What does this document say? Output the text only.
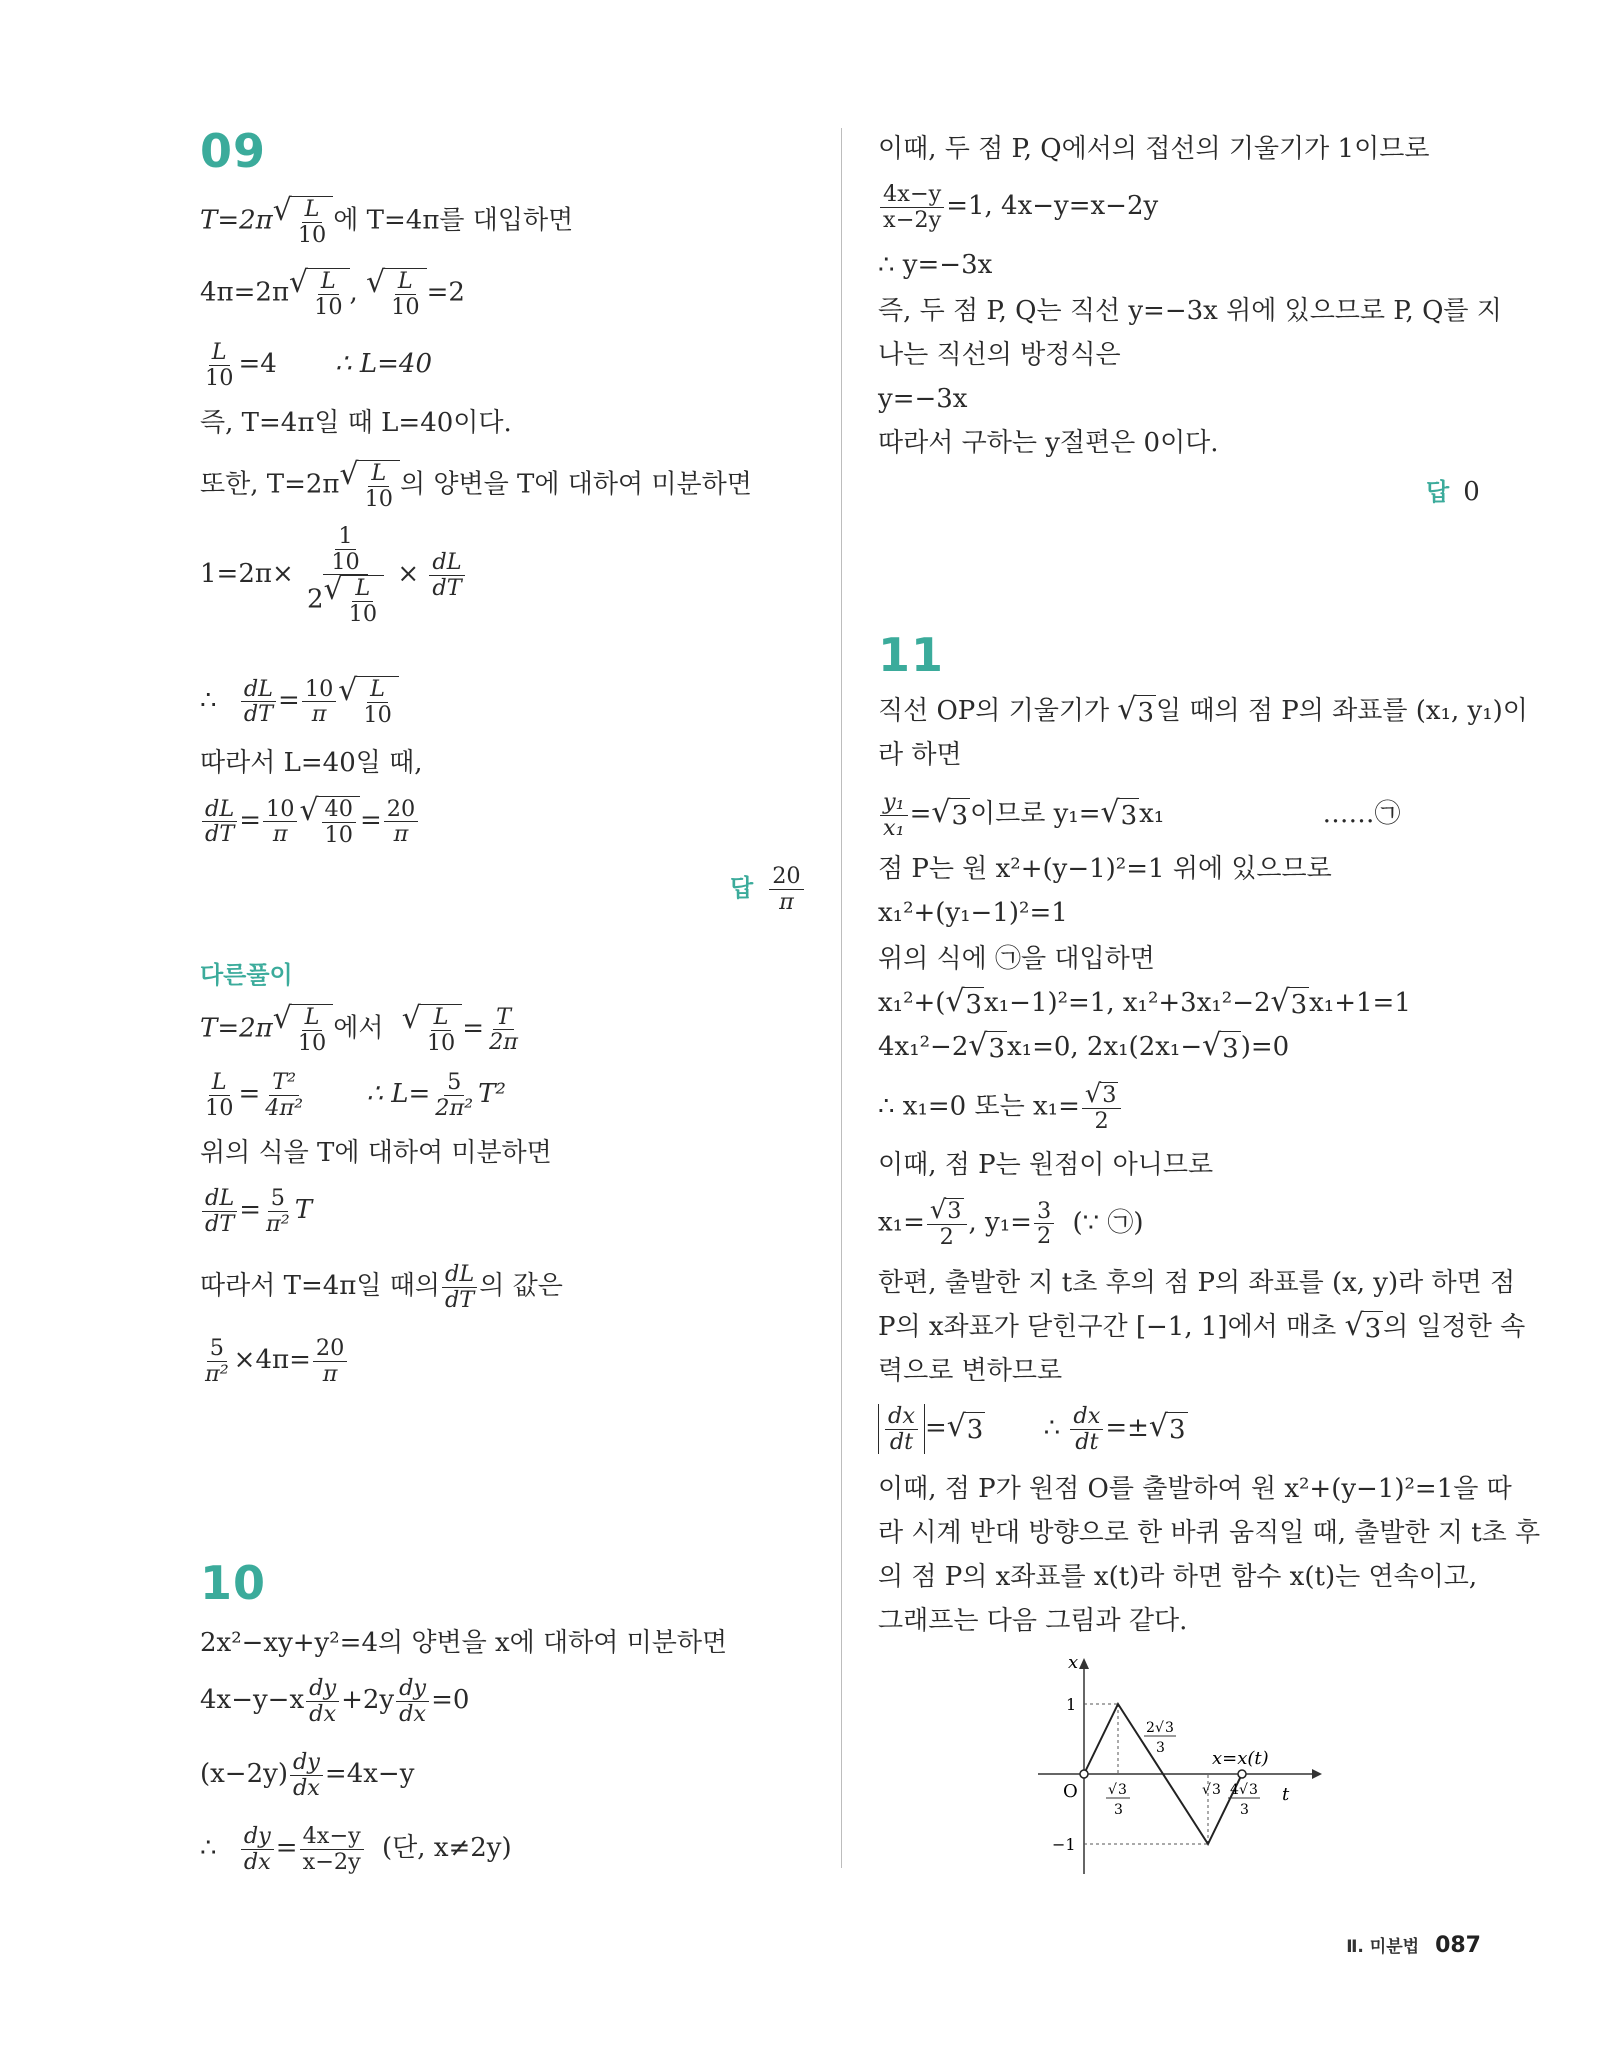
09
T=2π √ $\frac{L}{10}$ 에 T=4π를 대입하면
4π=2π √ $\frac{L}{10}$ , √ $\frac{L}{10} =2$
$\frac{L}{10} =4$ ∴ L=40
즉, T=4π일 때 L=40이다.
또한, T=2π √ $\frac{L}{10}$ 의 양변을 T에 대하여 미분하면
$1=2\pi\times \frac{\frac{1}{10}}{2 √ \frac{L}{10}} \times \frac{dL}{dT}$
∴ $\frac{dL}{dT} = \frac{10}{\pi}$ √ $\frac{L}{10}$
따라서 L=40일 때,
$\frac{dL}{dT} = \frac{10}{\pi}$ √ $\frac{40}{10} = \frac{20}{\pi}$
답 $\frac{20}{\pi}$
다른풀이
T=2π √ $\frac{L}{10}$ 에서 √ $\frac{L}{10} = \frac{T}{2\pi}$
$\frac{L}{10} = \frac{\text{T²}}{\text{4π²}}$ ∴ $L= \frac{5}{\text{2π²}} T^2$
위의 식을 T에 대하여 미분하면
$\frac{dL}{dT} = \frac{5}{\text{π²}}$ T
따라서 T=4π일 때의 $\frac{dL}{dT}$ 의 값은
$\frac{5}{\text{π²}} \times 4\pi= \frac{20}{\pi}$
10
2x²−xy+y²=4의 양변을 x에 대하여 미분하면
$4x-y-x \frac{dy}{dx} +2y \frac{dy}{dx} =0$
$(x-2y) \frac{dy}{dx} =4x-y$
∴ $\frac{dy}{dx} = \frac{4x-y}{x-2y}$ (단, x≠2y)
이때, 두 점 P, Q에서의 접선의 기울기가 1이므로
$\frac{4x-y}{x-2y} =1$, 4x−y=x−2y
∴ y=−3x
즉, 두 점 P, Q는 직선 y=−3x 위에 있으므로 P, Q를 지
나는 직선의 방정식은
y=−3x
따라서 구하는 y절편은 0이다.
답 0
11
직선 OP의 기울기가 √ 3 일 때의 점 P의 좌표를 (x₁, y₁)이
라 하면
$\frac{\text{y₁}}{\text{x₁}}$ = √ 3 이므로 y₁= √ 3 x₁	……㉠
점 P는 원 x²+(y−1)²=1 위에 있으므로
x₁²+(y₁−1)²=1
위의 식에 ㉠을 대입하면
x₁²+( √ 3 x₁−1)²=1, x₁²+3x₁²−2 √ 3 x₁+1=1
4x₁²−2 √ 3 x₁=0, 2x₁(2x₁− √ 3 )=0
∴ x₁=0 또는 $x_1= \frac{√ 3}{2}$
이때, 점 P는 원점이 아니므로
$x_1= \frac{√ 3}{2}$ , $y_1= \frac{3}{2}$ (∵ ㉠)
한편, 출발한 지 t초 후의 점 P의 좌표를 (x, y)라 하면 점
P의 x좌표가 닫힌구간 [−1, 1]에서 매초 √ 3 의 일정한 속
력으로 변하므로
$\frac{dx}{dt}$ = √ 3 ∴ $\frac{dx}{dt}$ =± √ 3
이때, 점 P가 원점 O를 출발하여 원 x²+(y−1)²=1을 따
라 시계 반대 방향으로 한 바퀴 움직일 때, 출발한 지 t초 후
의 점 P의 x좌표를 x(t)라 하면 함수 x(t)는 연속이고,
그래프는 다음 그림과 같다.
x
t
O
1
−1
x=x(t)
√ 3
3
2 √ 3
3
√ 3 4 √ 3
3
Ⅱ. 미분법 087
